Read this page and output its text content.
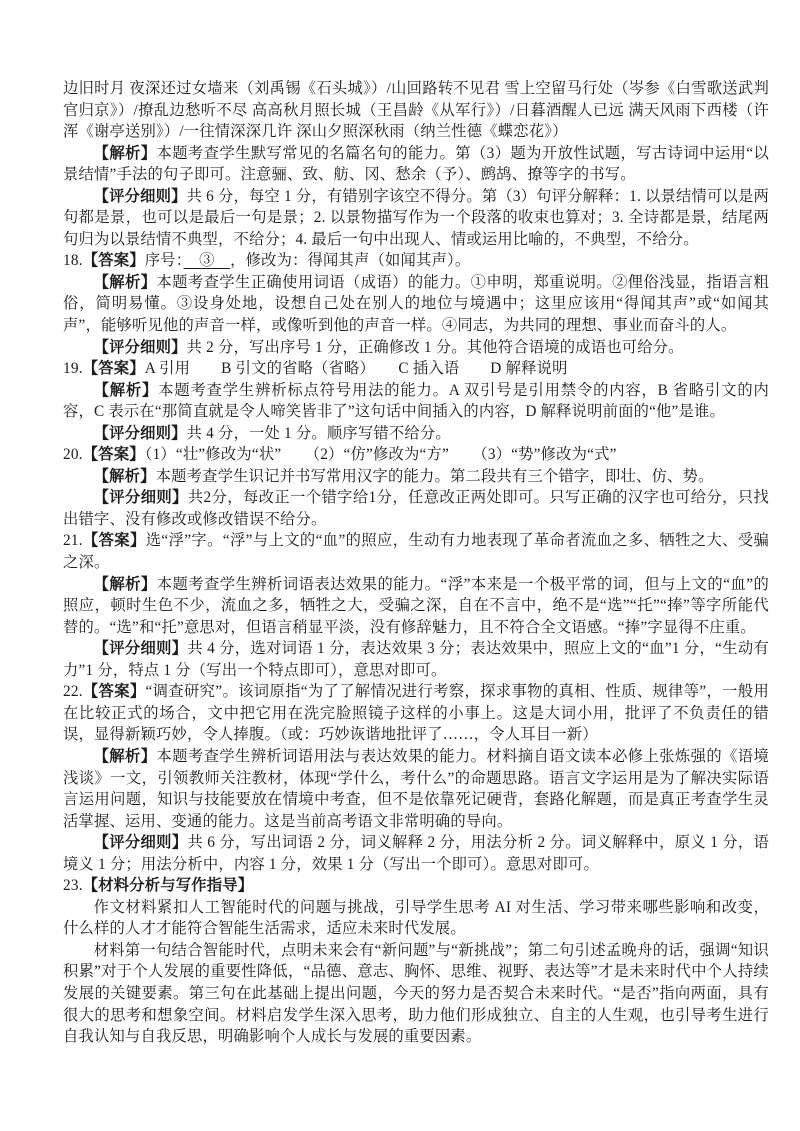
边旧时月 夜深还过女墙来（刘禹锡《石头城》）/山回路转不见君 雪上空留马行处（岑参《白雪歌送武判官归京》）/撩乱边愁听不尽 高高秋月照长城（王昌龄《从军行》）/日暮酒醒人已远 满天风雨下西楼（许浑《谢亭送别》）/一往情深深几许 深山夕照深秋雨（纳兰性德《蝶恋花》）

【解析】本题考查学生默写常见的名篇名句的能力。第（3）题为开放性试题，写古诗词中运用“以景结情”手法的句子即可。注意骊、致、舫、冈、愁余（予）、鹧鸪、撩等字的书写。

【评分细则】共 6 分，每空 1 分，有错别字该空不得分。第（3）句评分解释：1. 以景结情可以是两句都是景，也可以是最后一句是景；2. 以景物描写作为一个段落的收束也算对；3. 全诗都是景，结尾两句归为以景结情不典型，不给分；4. 最后一句中出现人、情或运用比喻的，不典型，不给分。

18.【答案】序号：　③　，修改为：得闻其声（如闻其声）。

【解析】本题考查学生正确使用词语（成语）的能力。①申明，郑重说明。②俚俗浅显，指语言粗俗，简明易懂。③设身处地，设想自己处在别人的地位与境遇中；这里应该用“得闻其声”或“如闻其声”，能够听见他的声音一样，或像听到他的声音一样。④同志，为共同的理想、事业而奋斗的人。

【评分细则】共 2 分，写出序号 1 分，正确修改 1 分。其他符合语境的成语也可给分。

19.【答案】A 引用　　B 引文的省略（省略）　　C 插入语　　D 解释说明

【解析】本题考查学生辨析标点符号用法的能力。A 双引号是引用禁令的内容，B 省略引文的内容，C 表示在“那简直就是令人啼笑皆非了”这句话中间插入的内容，D 解释说明前面的“他”是谁。

【评分细则】共 4 分，一处 1 分。顺序写错不给分。

20.【答案】（1）“壮”修改为“状”　　（2）“仿”修改为“方”　　（3）“势”修改为“式”

【解析】本题考查学生识记并书写常用汉字的能力。第二段共有三个错字，即壮、仿、势。

【评分细则】共2分，每改正一个错字给1分，任意改正两处即可。只写正确的汉字也可给分，只找出错字、没有修改或修改错误不给分。

21.【答案】选“浮”字。“浮”与上文的“血”的照应，生动有力地表现了革命者流血之多、牺牲之大、受骗之深。

【解析】本题考查学生辨析词语表达效果的能力。“浮”本来是一个极平常的词，但与上文的“血”的照应，顿时生色不少，流血之多，牺牲之大，受骗之深，自在不言中，绝不是“选”“托”“捧”等字所能代替的。“选”和“托”意思对，但语言稍显平淡，没有修辞魅力，且不符合全文语感。“捧”字显得不庄重。

【评分细则】共 4 分，选对词语 1 分，表达效果 3 分；表达效果中，照应上文的“血”1 分，“生动有力”1 分，特点 1 分（写出一个特点即可），意思对即可。

22.【答案】“调查研究”。该词原指“为了了解情况进行考察，探求事物的真相、性质、规律等”，一般用在比较正式的场合，文中把它用在洗完脸照镜子这样的小事上。这是大词小用，批评了不负责任的错误，显得新颖巧妙，令人捧腹。（或：巧妙诙谐地批评了……，令人耳目一新）

【解析】本题考查学生辨析词语用法与表达效果的能力。材料摘自语文读本必修上张炼强的《语境浅谈》一文，引领教师关注教材，体现“学什么，考什么”的命题思路。语言文字运用是为了解决实际语言运用问题，知识与技能要放在情境中考查，但不是依靠死记硬背，套路化解题，而是真正考查学生灵活掌握、运用、变通的能力。这是当前高考语文非常明确的导向。

【评分细则】共 6 分，写出词语 2 分，词义解释 2 分，用法分析 2 分。词义解释中，原义 1 分，语境义 1 分；用法分析中，内容 1 分，效果 1 分（写出一个即可）。意思对即可。

23.【材料分析与写作指导】

作文材料紧扣人工智能时代的问题与挑战，引导学生思考 AI 对生活、学习带来哪些影响和改变，什么样的人才才能符合智能生活需求，适应未来时代发展。

材料第一句结合智能时代，点明未来会有“新问题”与“新挑战”；第二句引述孟晚舟的话，强调“知识积累”对于个人发展的重要性降低，“品德、意志、胸怀、思维、视野、表达等”才是未来时代中个人持续发展的关键要素。第三句在此基础上提出问题，今天的努力是否契合未来时代。“是否”指向两面，具有很大的思考和想象空间。材料启发学生深入思考，助力他们形成独立、自主的人生观，也引导考生进行自我认知与自我反思，明确影响个人成长与发展的重要因素。
